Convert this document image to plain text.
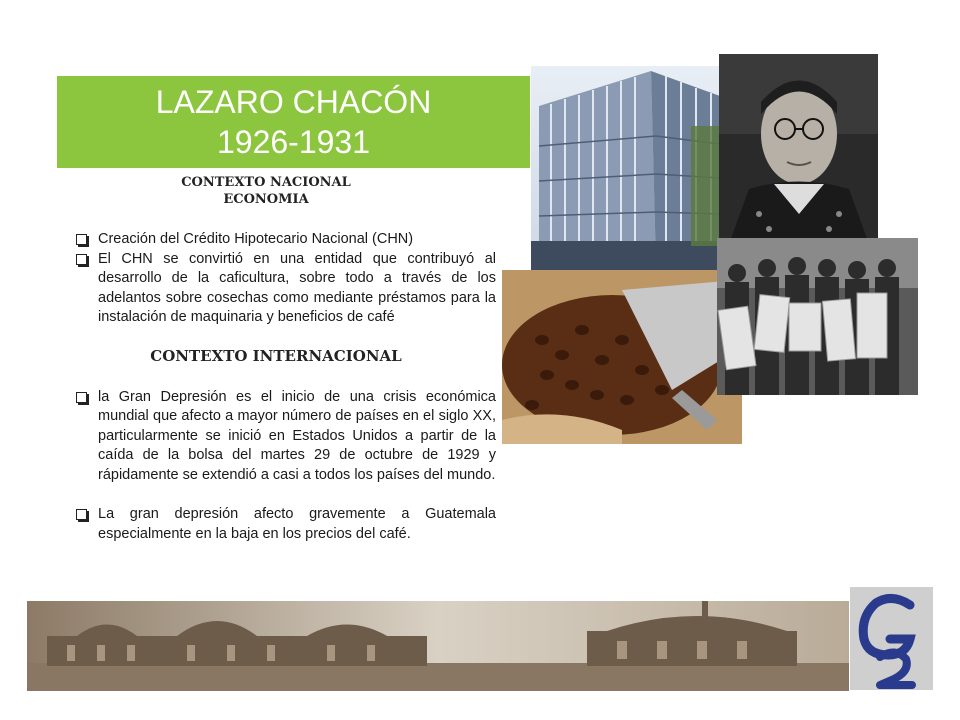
LAZARO CHACÓN
1926-1931
CONTEXTO NACIONAL
ECONOMIA

Creación del Crédito Hipotecario Nacional (CHN)

El CHN se convirtió en una entidad que contribuyó al desarrollo de la caficultura, sobre todo a través de los adelantos sobre cosechas como mediante préstamos para la instalación de maquinaria y beneficios de café

CONTEXTO INTERNACIONAL

la Gran Depresión es el inicio de una crisis económica mundial que afecto a mayor número de países en el siglo XX, particularmente se inició en Estados Unidos a partir de la caída de la bolsa del martes 29 de octubre de 1929 y rápidamente se extendió a casi a todos los países del mundo.

La gran depresión afecto gravemente a Guatemala especialmente en la baja en los precios del café.
